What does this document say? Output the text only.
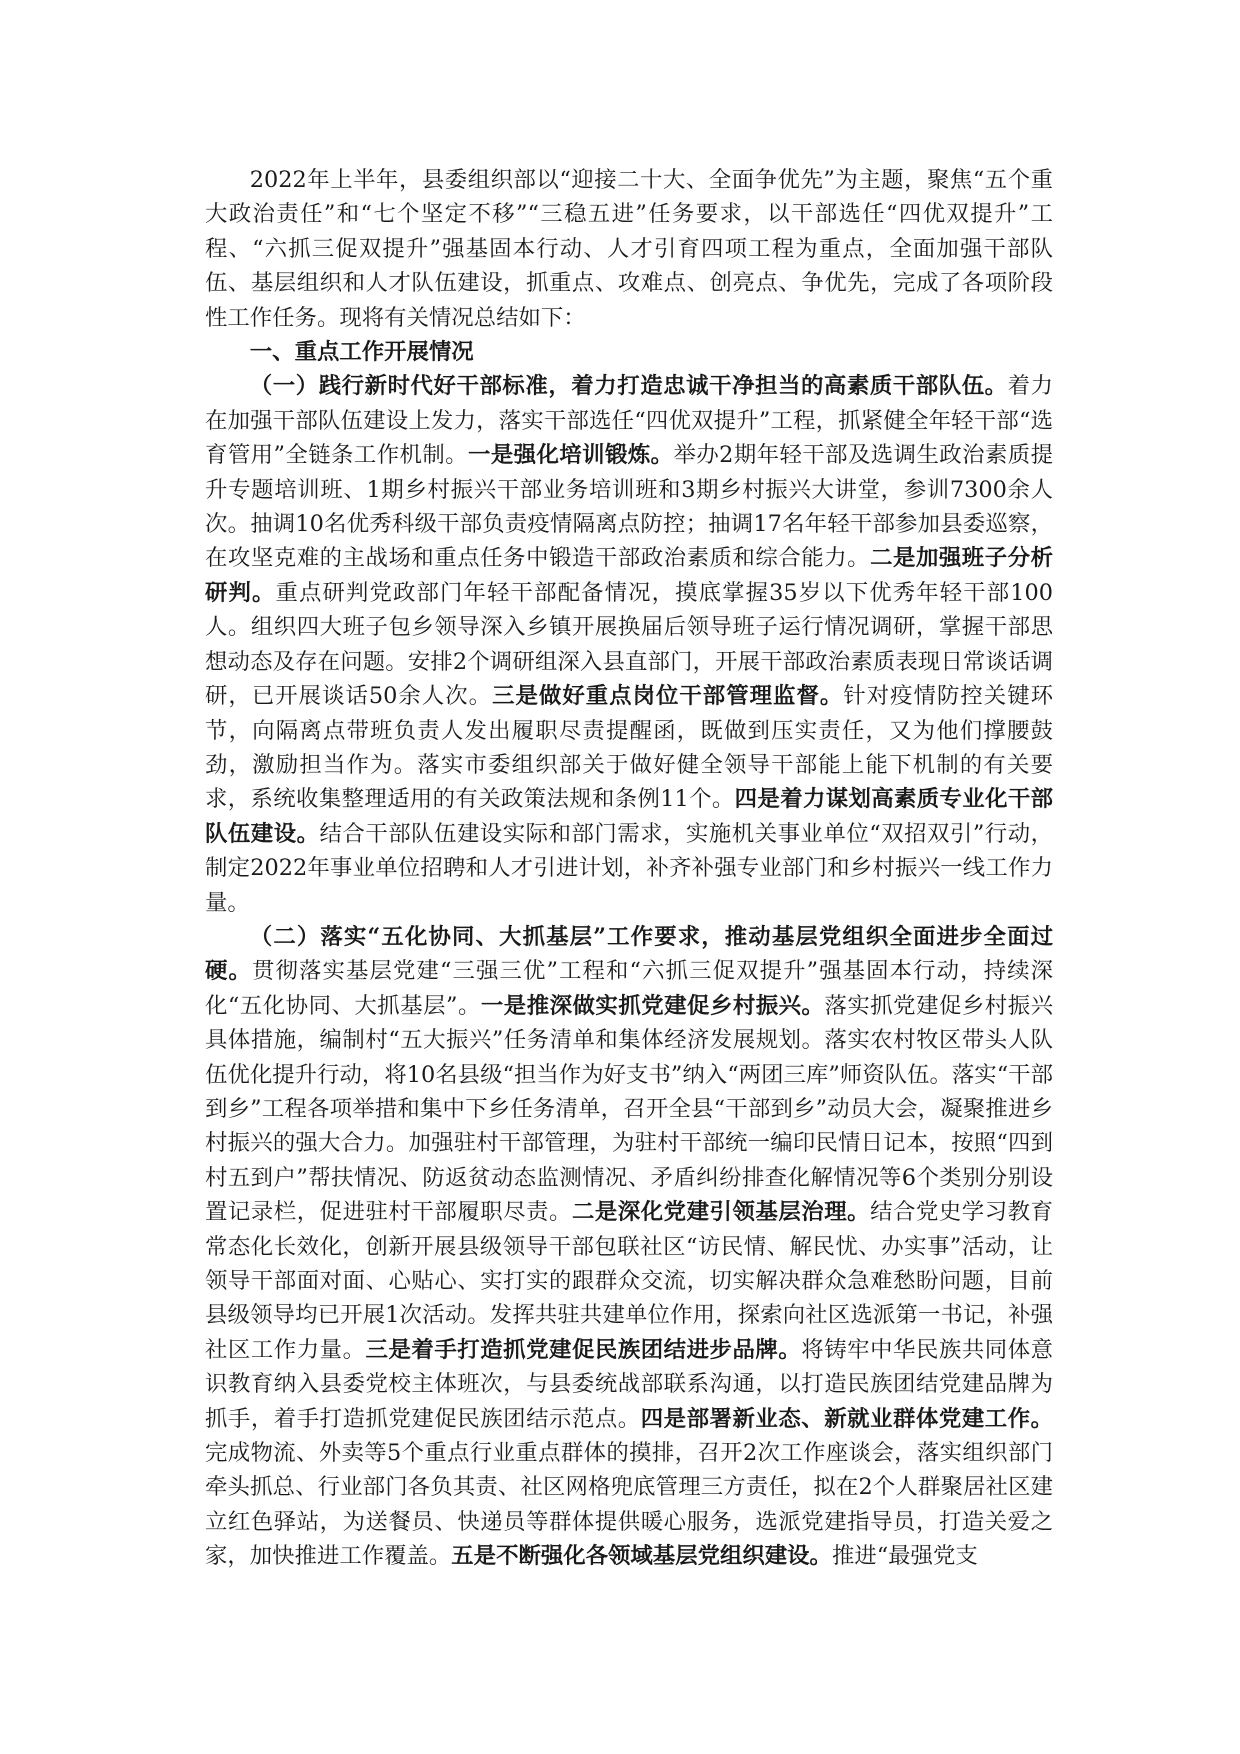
2022年上半年，县委组织部以“迎接二十大、全面争优先”为主题，聚焦“五个重大政治责任”和“七个坚定不移”“三稳五进”任务要求，以干部选任“四优双提升”工程、“六抓三促双提升”强基固本行动、人才引育四项工程为重点，全面加强干部队伍、基层组织和人才队伍建设，抓重点、攻难点、创亮点、争优先，完成了各项阶段性工作任务。现将有关情况总结如下：

一、重点工作开展情况

（一）践行新时代好干部标准，着力打造忠诚干净担当的高素质干部队伍。着力在加强干部队伍建设上发力，落实干部选任“四优双提升”工程，抓紧健全年轻干部“选育管用”全链条工作机制。一是强化培训锻炼。举办2期年轻干部及选调生政治素质提升专题培训班、1期乡村振兴干部业务培训班和3期乡村振兴大讲堂，参训7300余人次。抽调10名优秀科级干部负责疫情隔离点防控；抽调17名年轻干部参加县委巡察，在攻坚克难的主战场和重点任务中锻造干部政治素质和综合能力。二是加强班子分析研判。重点研判党政部门年轻干部配备情况，摸底掌握35岁以下优秀年轻干部100人。组织四大班子包乡领导深入乡镇开展换届后领导班子运行情况调研，掌握干部思想动态及存在问题。安排2个调研组深入县直部门，开展干部政治素质表现日常谈话调研，已开展谈话50余人次。三是做好重点岗位干部管理监督。针对疫情防控关键环节，向隔离点带班负责人发出履职尽责提醒函，既做到压实责任，又为他们撑腰鼓劲，激励担当作为。落实市委组织部关于做好健全领导干部能上能下机制的有关要求，系统收集整理适用的有关政策法规和条例11个。四是着力谋划高素质专业化干部队伍建设。结合干部队伍建设实际和部门需求，实施机关事业单位“双招双引”行动，制定2022年事业单位招聘和人才引进计划，补齐补强专业部门和乡村振兴一线工作力量。

（二）落实“五化协同、大抓基层”工作要求，推动基层党组织全面进步全面过硬。贯彻落实基层党建“三强三优”工程和“六抓三促双提升”强基固本行动，持续深化“五化协同、大抓基层”。一是推深做实抓党建促乡村振兴。落实抓党建促乡村振兴具体措施，编制村“五大振兴”任务清单和集体经济发展规划。落实农村牧区带头人队伍优化提升行动，将10名县级“担当作为好支书”纳入“两团三库”师资队伍。落实“干部到乡”工程各项举措和集中下乡任务清单，召开全县“干部到乡”动员大会，凝聚推进乡村振兴的强大合力。加强驻村干部管理，为驻村干部统一编印民情日记本，按照“四到村五到户”帮扶情况、防返贫动态监测情况、矛盾纠纷排查化解情况等6个类别分别设置记录栏，促进驻村干部履职尽责。二是深化党建引领基层治理。结合党史学习教育常态化长效化，创新开展县级领导干部包联社区“访民情、解民忧、办实事”活动，让领导干部面对面、心贴心、实打实的跟群众交流，切实解决群众急难愁盼问题，目前县级领导均已开展1次活动。发挥共驻共建单位作用，探索向社区选派第一书记，补强社区工作力量。三是着手打造抓党建促民族团结进步品牌。将铸牢中华民族共同体意识教育纳入县委党校主体班次，与县委统战部联系沟通，以打造民族团结党建品牌为抓手，着手打造抓党建促民族团结示范点。四是部署新业态、新就业群体党建工作。完成物流、外卖等5个重点行业重点群体的摸排，召开2次工作座谈会，落实组织部门牵头抓总、行业部门各负其责、社区网格兜底管理三方责任，拟在2个人群聚居社区建立红色驿站，为送餐员、快递员等群体提供暖心服务，选派党建指导员，打造关爱之家，加快推进工作覆盖。五是不断强化各领域基层党组织建设。推进“最强党支
